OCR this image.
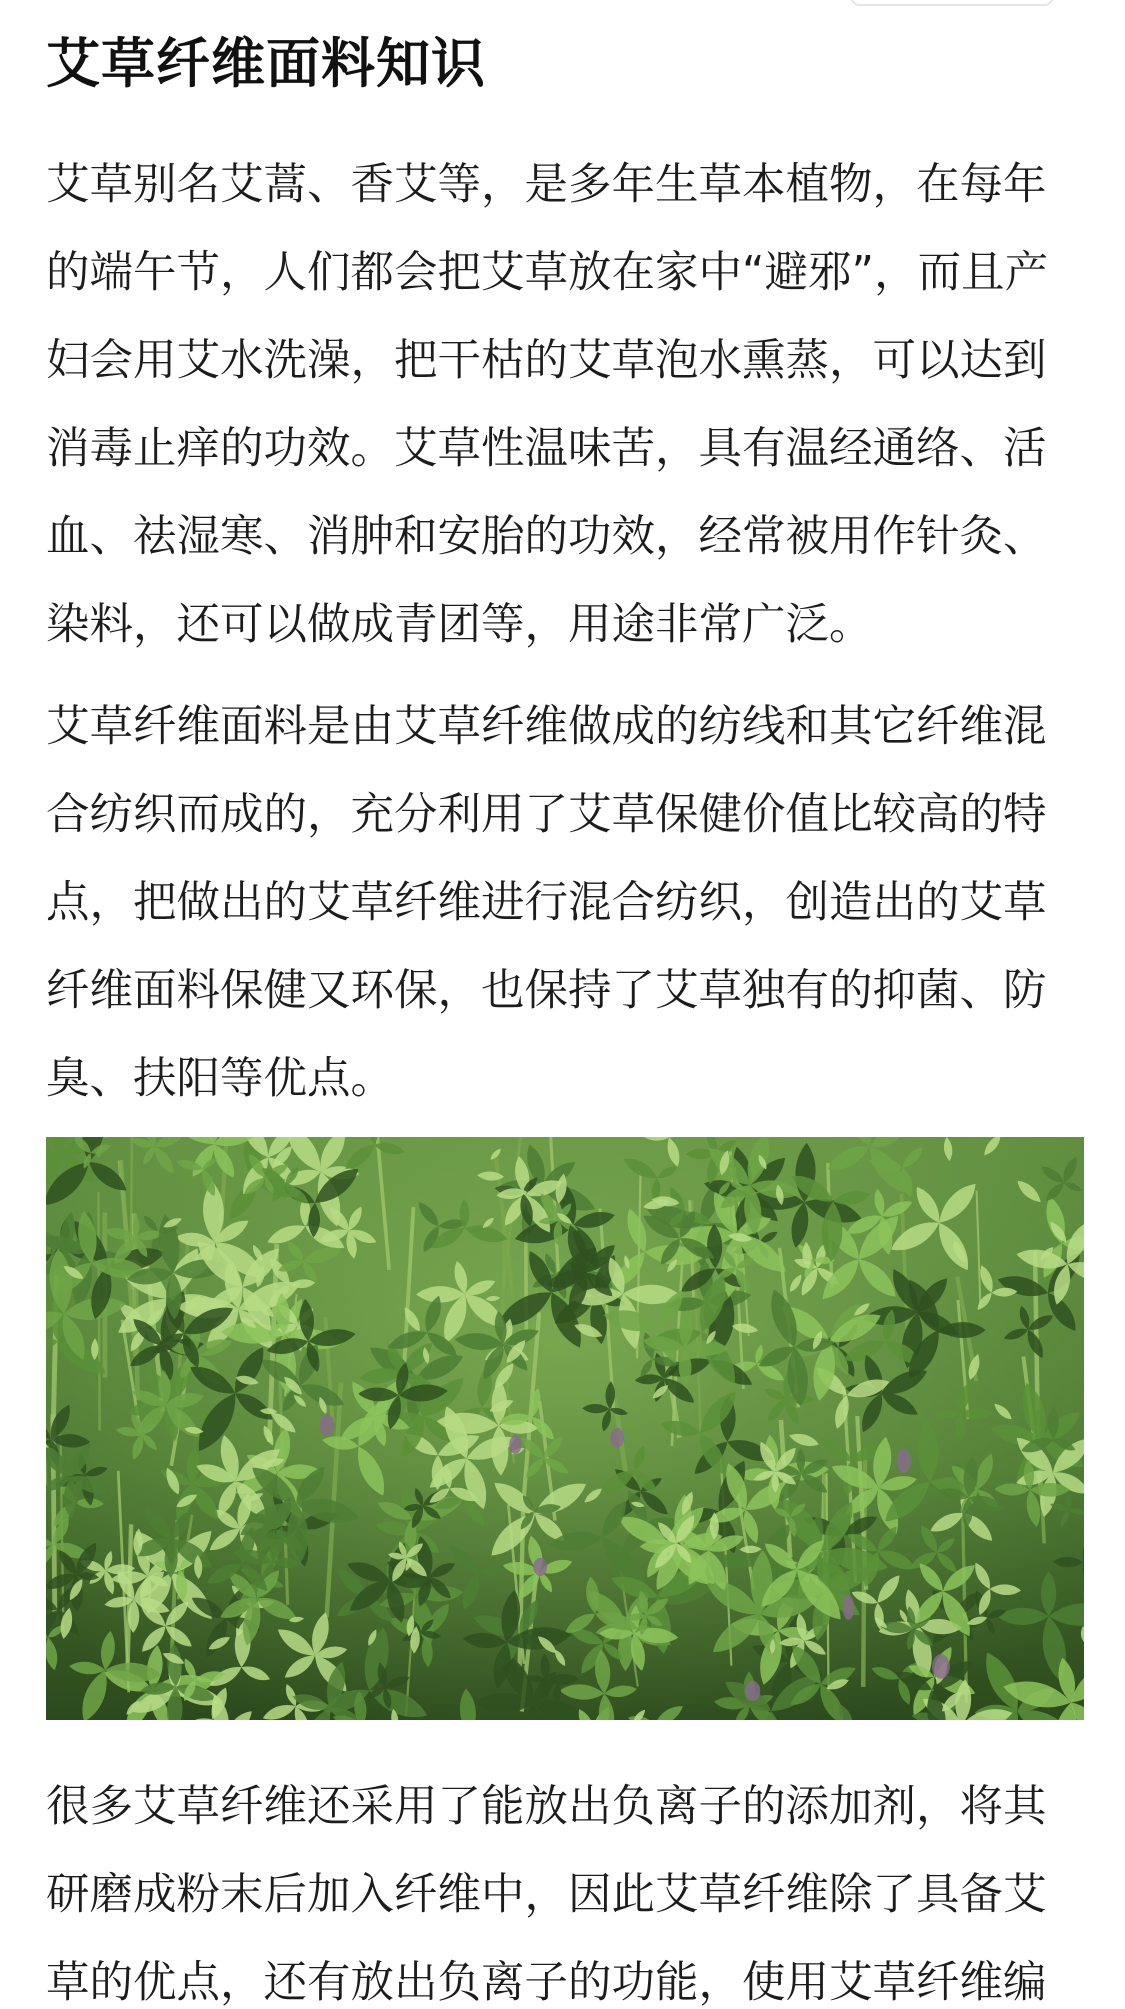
艾草纤维面料知识

艾草别名艾蒿、香艾等，是多年生草本植物，在每年
的端午节，人们都会把艾草放在家中“避邪”，而且产
妇会用艾水洗澡，把干枯的艾草泡水熏蒸，可以达到
消毒止痒的功效。艾草性温味苦，具有温经通络、活
血、祛湿寒、消肿和安胎的功效，经常被用作针灸、
染料，还可以做成青团等，用途非常广泛。

艾草纤维面料是由艾草纤维做成的纺线和其它纤维混
合纺织而成的，充分利用了艾草保健价值比较高的特
点，把做出的艾草纤维进行混合纺织，创造出的艾草
纤维面料保健又环保，也保持了艾草独有的抑菌、防
臭、扶阳等优点。

很多艾草纤维还采用了能放出负离子的添加剂，将其
研磨成粉末后加入纤维中，因此艾草纤维除了具备艾
草的优点，还有放出负离子的功能，使用艾草纤维编
